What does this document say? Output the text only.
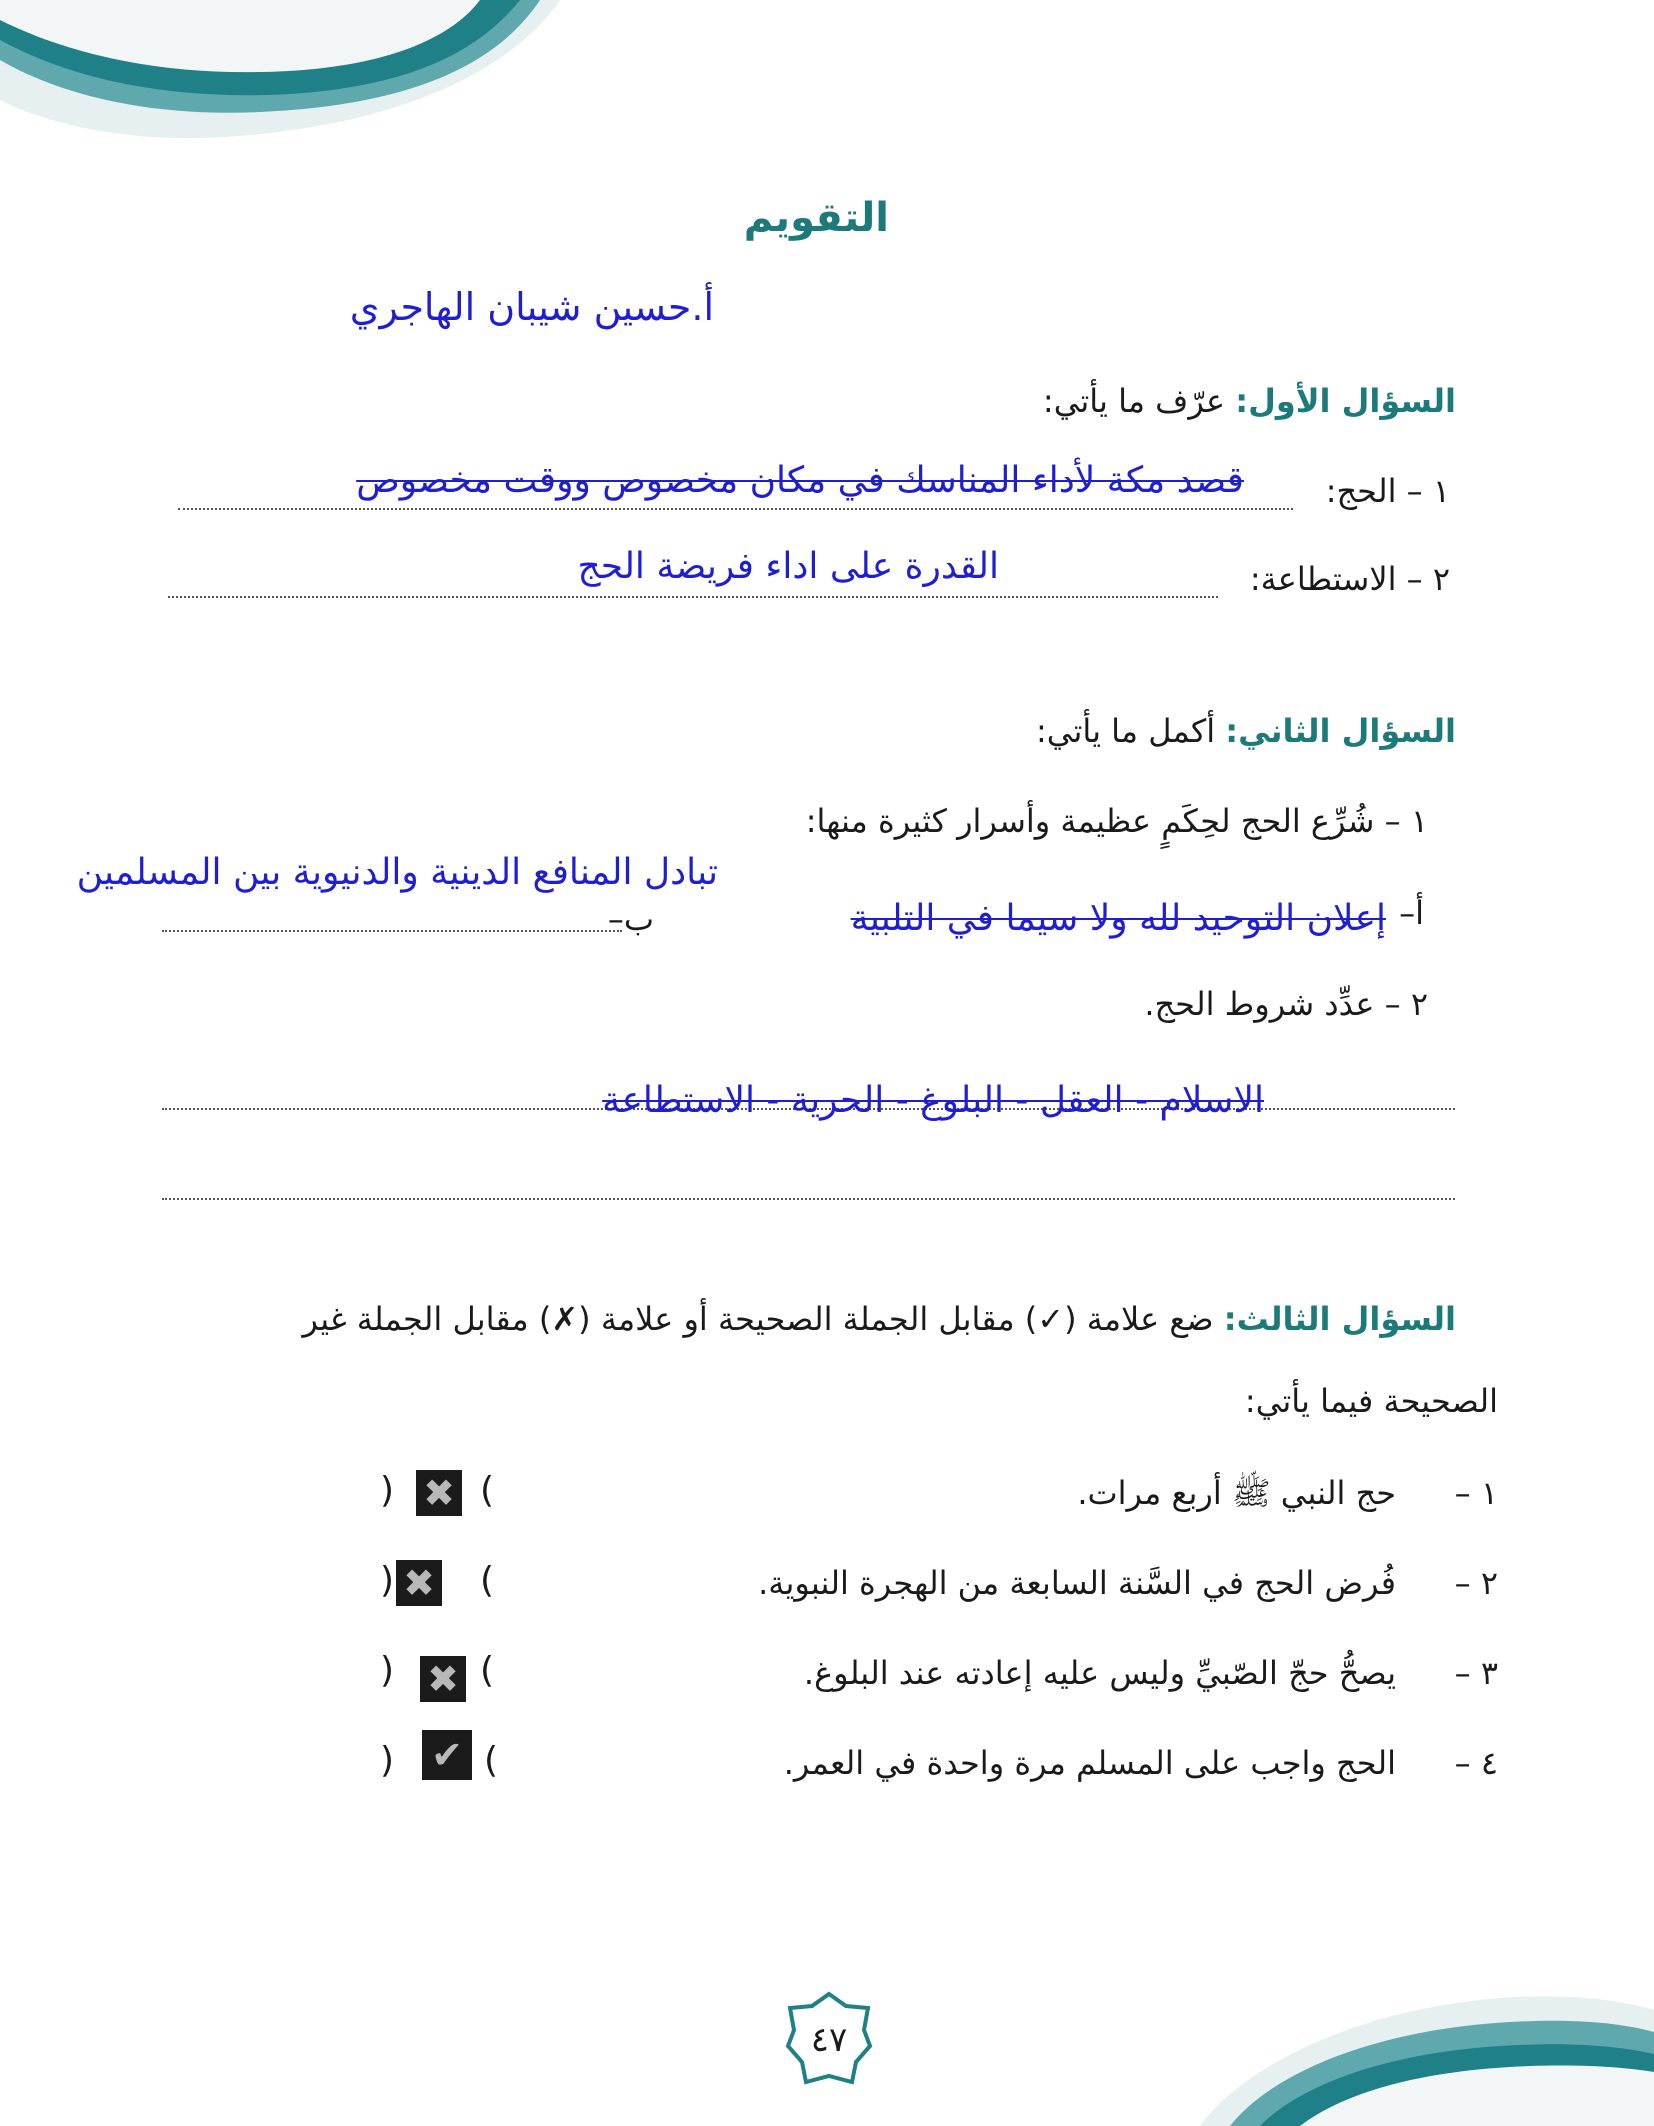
التقويم
أ.حسين شيبان الهاجري
السؤال الأول: عرّف ما يأتي:
١ – الحج:
قصد مكة لأداء المناسك في مكان مخصوص ووقت مخصوص
٢ – الاستطاعة:
القدرة على اداء فريضة الحج
السؤال الثاني: أكمل ما يأتي:
١ – شُرِّع الحج لحِكَمٍ عظيمة وأسرار كثيرة منها:
تبادل المنافع الدينية والدنيوية بين المسلمين
أ–
إعلان التوحيد لله ولا سيما في التلبية
ب–
٢ – عدِّد شروط الحج.
الاسلام - العقل - البلوغ - الحرية - الاستطاعة
السؤال الثالث: ضع علامة (✓) مقابل الجملة الصحيحة أو علامة (✗) مقابل الجملة غير
الصحيحة فيما يأتي:
١ –
حج النبي ﷺ أربع مرات.
) ✖ (
٢ –
فُرض الحج في السَّنة السابعة من الهجرة النبوية.
) ✖ (
٣ –
يصحُّ حجّ الصّبيِّ وليس عليه إعادته عند البلوغ.
) ✖ (
٤ –
الحج واجب على المسلم مرة واحدة في العمر.
) ✔ (
٤٧
